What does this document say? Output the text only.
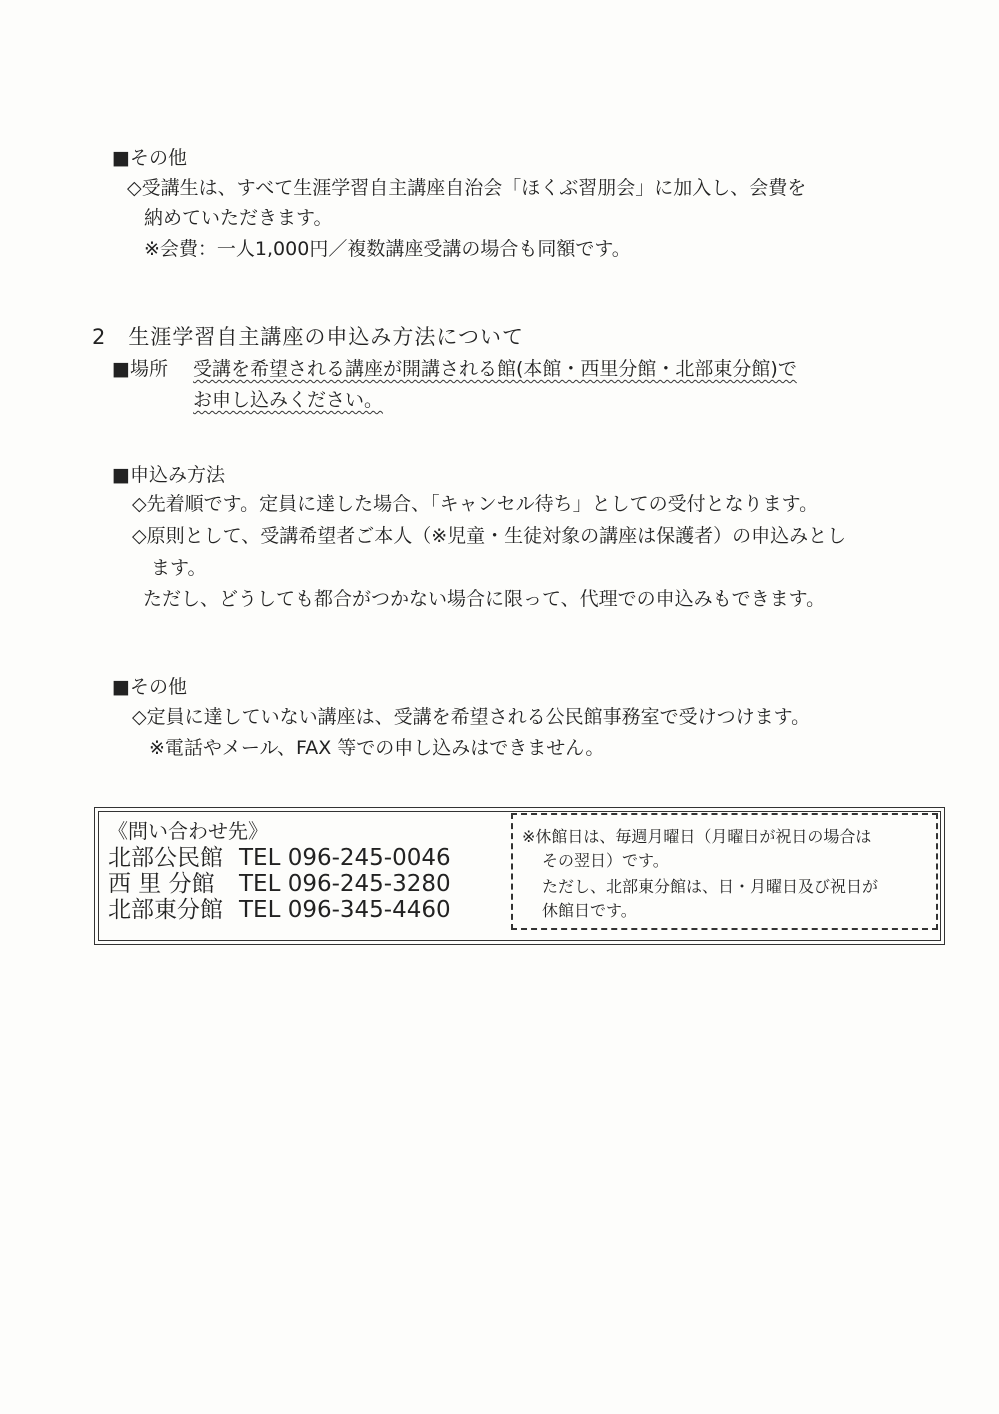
■その他
◇受講生は、すべて生涯学習自主講座自治会「ほくぶ習朋会」に加入し、会費を
納めていただきます。
※会費：一人1,000円／複数講座受講の場合も同額です。
2　生涯学習自主講座の申込み方法について
■場所 受講を希望される講座が開講される館(本館・西里分館・北部東分館)で
お申し込みください。
■申込み方法
◇先着順です。定員に達した場合、「キャンセル待ち」としての受付となります。
◇原則として、受講希望者ご本人（※児童・生徒対象の講座は保護者）の申込みとし
ます。
ただし、どうしても都合がつかない場合に限って、代理での申込みもできます。
■その他
◇定員に達していない講座は、受講を希望される公民館事務室で受けつけます。
※電話やメール、FAX 等での申し込みはできません。
《問い合わせ先》
北部公民館 TEL 096-245-0046
西 里 分館 TEL 096-245-3280
北部東分館 TEL 096-345-4460
※休館日は、毎週月曜日（月曜日が祝日の場合は
その翌日）です。
ただし、北部東分館は、日・月曜日及び祝日が
休館日です。
